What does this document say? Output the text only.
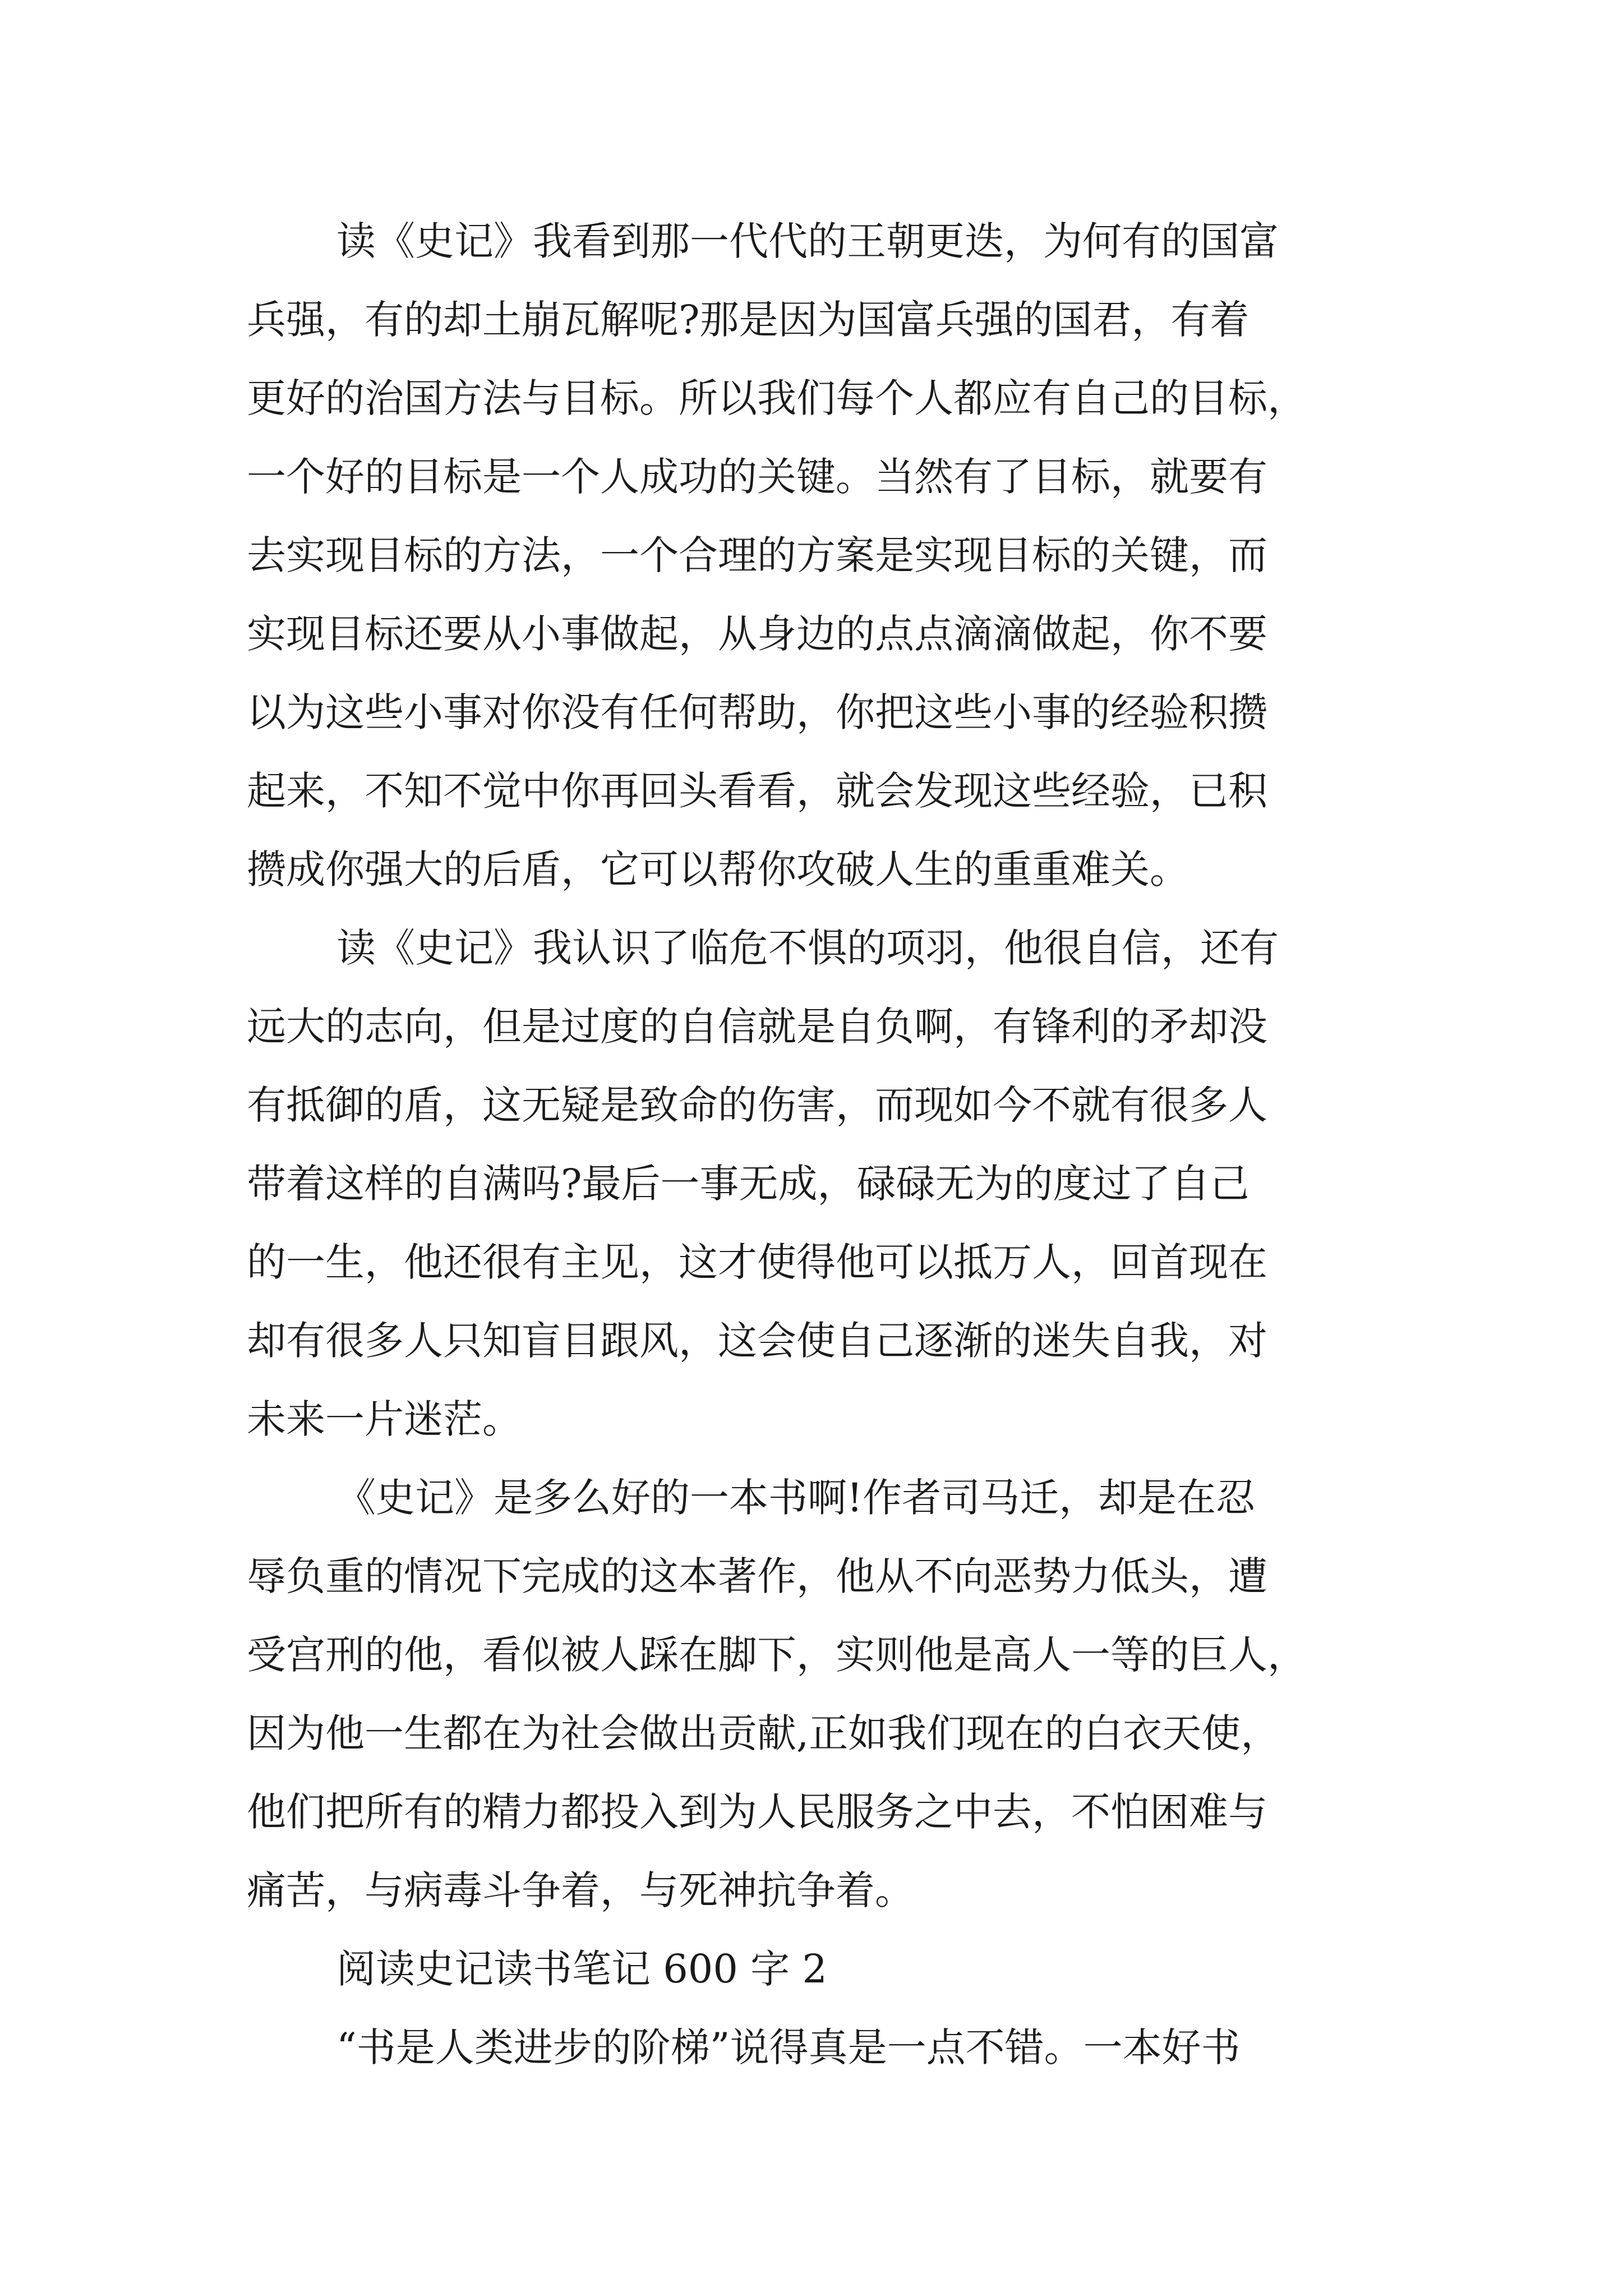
读《史记》我看到那一代代的王朝更迭，为何有的国富
兵强，有的却土崩瓦解呢?那是因为国富兵强的国君，有着
更好的治国方法与目标。所以我们每个人都应有自己的目标，
一个好的目标是一个人成功的关键。当然有了目标，就要有
去实现目标的方法，一个合理的方案是实现目标的关键，而
实现目标还要从小事做起，从身边的点点滴滴做起，你不要
以为这些小事对你没有任何帮助，你把这些小事的经验积攒
起来，不知不觉中你再回头看看，就会发现这些经验，已积
攒成你强大的后盾，它可以帮你攻破人生的重重难关。
读《史记》我认识了临危不惧的项羽，他很自信，还有
远大的志向，但是过度的自信就是自负啊，有锋利的矛却没
有抵御的盾，这无疑是致命的伤害，而现如今不就有很多人
带着这样的自满吗?最后一事无成，碌碌无为的度过了自己
的一生，他还很有主见，这才使得他可以抵万人，回首现在
却有很多人只知盲目跟风，这会使自己逐渐的迷失自我，对
未来一片迷茫。
《史记》是多么好的一本书啊!作者司马迁，却是在忍
辱负重的情况下完成的这本著作，他从不向恶势力低头，遭
受宫刑的他，看似被人踩在脚下，实则他是高人一等的巨人，
因为他一生都在为社会做出贡献,正如我们现在的白衣天使，
他们把所有的精力都投入到为人民服务之中去，不怕困难与
痛苦，与病毒斗争着，与死神抗争着。
阅读史记读书笔记 600 字 2
“书是人类进步的阶梯”说得真是一点不错。一本好书
